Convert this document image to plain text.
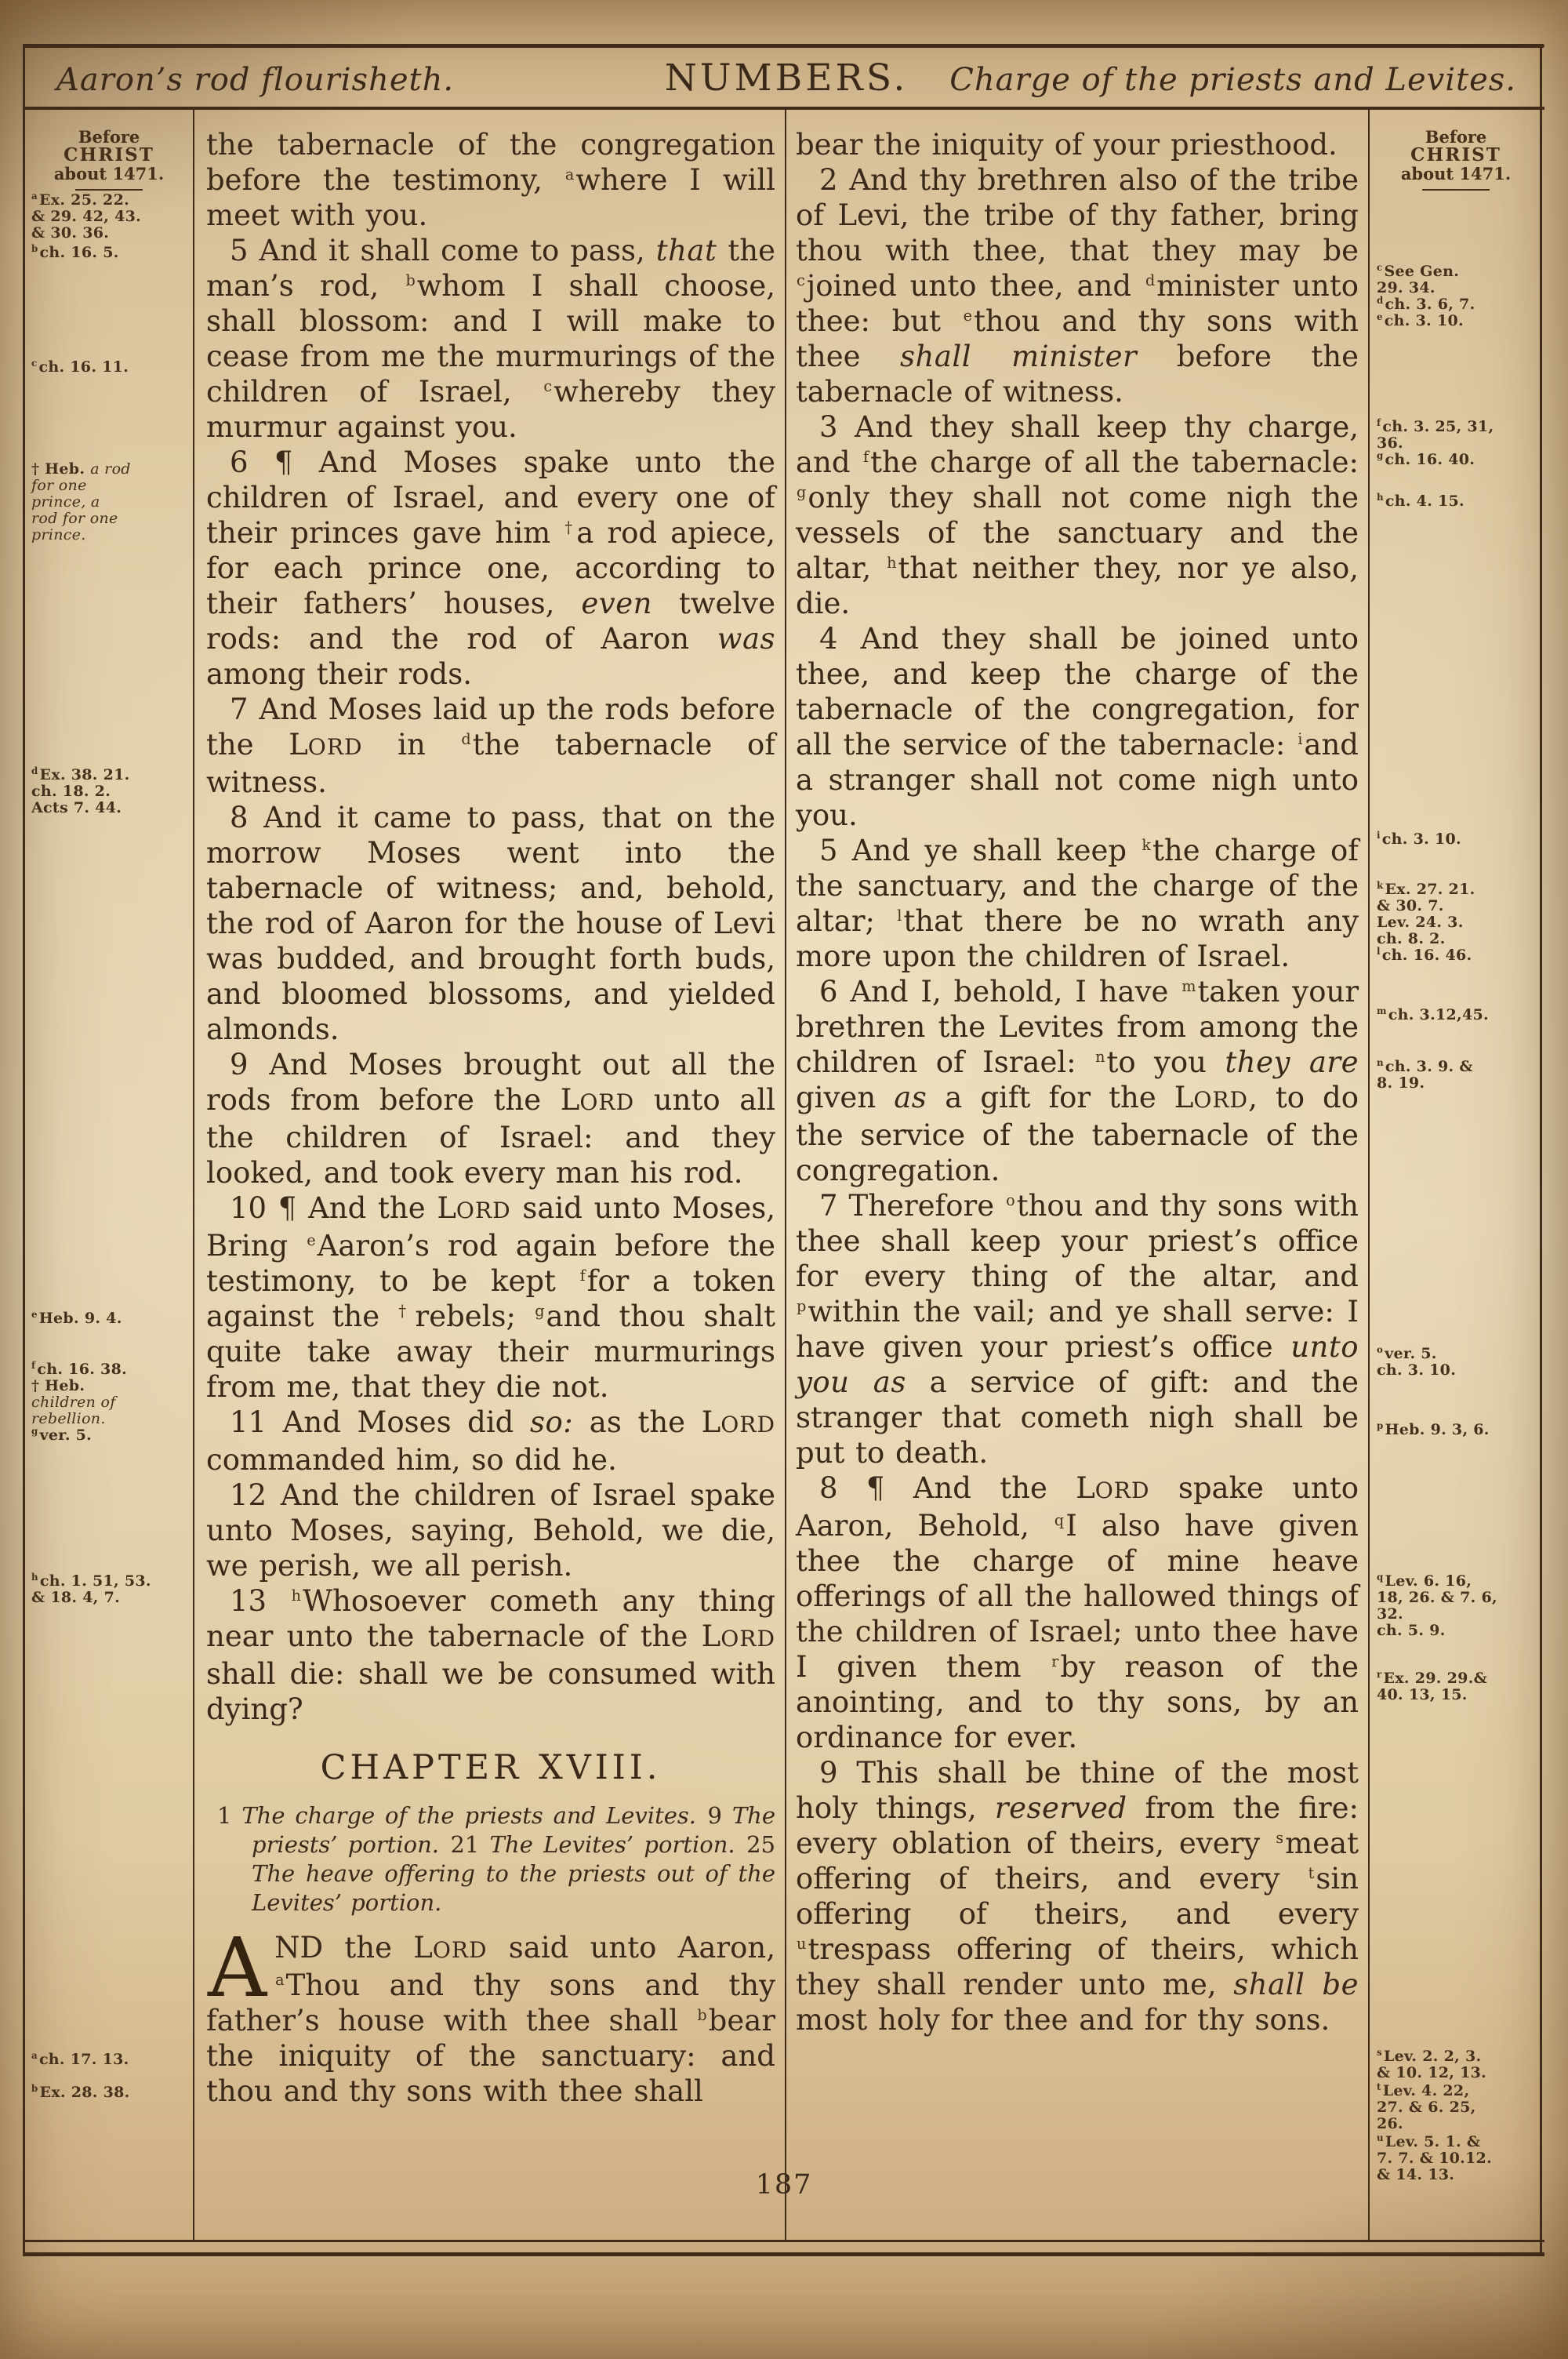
Aaron’s rod flourisheth.	NUMBERS. Charge of the priests and Levites.
Before
CHRIST
about 1471.
$^a$ Ex. 25. 22.
& 29. 42, 43.
& 30. 36.
$^b$ ch. 16. 5.
$^c$ ch. 16. 11.
† Heb. a rod
for one
prince, a
rod for one
prince.
$^d$ Ex. 38. 21.
ch. 18. 2.
Acts 7. 44.
$^e$ Heb. 9. 4.
$^f$ ch. 16. 38.
† Heb.
children of
rebellion.
$^g$ ver. 5.
$^h$ ch. 1. 51, 53.
& 18. 4, 7.
$^a$ ch. 17. 13.
$^b$ Ex. 28. 38.

the tabernacle of the congregation before the testimony, $^a$where I will meet with you.

5 And it shall come to pass, that the man’s rod, $^b$whom I shall choose, shall blossom: and I will make to cease from me the murmurings of the children of Israel, $^c$whereby they murmur against you.

6 ¶ And Moses spake unto the children of Israel, and every one of their princes gave him †a rod apiece, for each prince one, according to their fathers’ houses, even twelve rods: and the rod of Aaron was among their rods.

7 And Moses laid up the rods before the LORD in $^d$the tabernacle of witness.

8 And it came to pass, that on the morrow Moses went into the tabernacle of witness; and, behold, the rod of Aaron for the house of Levi was budded, and brought forth buds, and bloomed blossoms, and yielded almonds.

9 And Moses brought out all the rods from before the LORD unto all the children of Israel: and they looked, and took every man his rod.

10 ¶ And the LORD said unto Moses, Bring $^e$Aaron’s rod again before the testimony, to be kept $^f$for a token against the †rebels; $^g$and thou shalt quite take away their murmurings from me, that they die not.

11 And Moses did so: as the LORD commanded him, so did he.

12 And the children of Israel spake unto Moses, saying, Behold, we die, we perish, we all perish.

13 $^h$Whosoever cometh any thing near unto the tabernacle of the LORD shall die: shall we be consumed with dying?

CHAPTER XVIII.
1 The charge of the priests and Levites. 9 The priests’ portion. 21 The Levites’ portion. 25 The heave offering to the priests out of the Levites’ portion. 

AND the LORD said unto Aaron, $^a$Thou and thy sons and thy father’s house with thee shall $^b$bear the iniquity of the sanctuary: and thou and thy sons with thee shall

bear the iniquity of your priesthood.

2 And thy brethren also of the tribe of Levi, the tribe of thy father, bring thou with thee, that they may be $^c$joined unto thee, and $^d$minister unto thee: but $^e$thou and thy sons with thee shall minister before the tabernacle of witness.

3 And they shall keep thy charge, and $^f$the charge of all the tabernacle: $^g$only they shall not come nigh the vessels of the sanctuary and the altar, $^h$that neither they, nor ye also, die.

4 And they shall be joined unto thee, and keep the charge of the tabernacle of the congregation, for all the service of the tabernacle: $^i$and a stranger shall not come nigh unto you.

5 And ye shall keep $^k$the charge of the sanctuary, and the charge of the altar; $^l$that there be no wrath any more upon the children of Israel.

6 And I, behold, I have $^m$taken your brethren the Levites from among the children of Israel: $^n$to you they are given as a gift for the LORD, to do the service of the tabernacle of the congregation.

7 Therefore $^o$thou and thy sons with thee shall keep your priest’s office for every thing of the altar, and $^p$within the vail; and ye shall serve: I have given your priest’s office unto you as a service of gift: and the stranger that cometh nigh shall be put to death.

8 ¶ And the LORD spake unto Aaron, Behold, $^q$I also have given thee the charge of mine heave offerings of all the hallowed things of the children of Israel; unto thee have I given them $^r$by reason of the anointing, and to thy sons, by an ordinance for ever.

9 This shall be thine of the most holy things, reserved from the fire: every oblation of theirs, every $^s$meat offering of theirs, and every $^t$sin offering of theirs, and every $^u$trespass offering of theirs, which they shall render unto me, shall be most holy for thee and for thy sons.

Before
CHRIST
about 1471.
$^c$ See Gen.
29. 34.
$^d$ ch. 3. 6, 7.
$^e$ ch. 3. 10.
$^f$ ch. 3. 25, 31,
36.
$^g$ ch. 16. 40.
$^h$ ch. 4. 15.
$^i$ ch. 3. 10.
$^k$ Ex. 27. 21.
& 30. 7.
Lev. 24. 3.
ch. 8. 2.
$^l$ ch. 16. 46.
$^m$ ch. 3.12,45.
$^n$ ch. 3. 9. &
8. 19.
$^o$ ver. 5.
ch. 3. 10.
$^p$ Heb. 9. 3, 6.
$^q$ Lev. 6. 16,
18, 26. & 7. 6,
32.
ch. 5. 9.
$^r$ Ex. 29. 29.&
40. 13, 15.
$^s$ Lev. 2. 2, 3.
& 10. 12, 13.
$^t$ Lev. 4. 22,
27. & 6. 25,
26.
$^u$ Lev. 5. 1. &
7. 7. & 10.12.
& 14. 13.
187
